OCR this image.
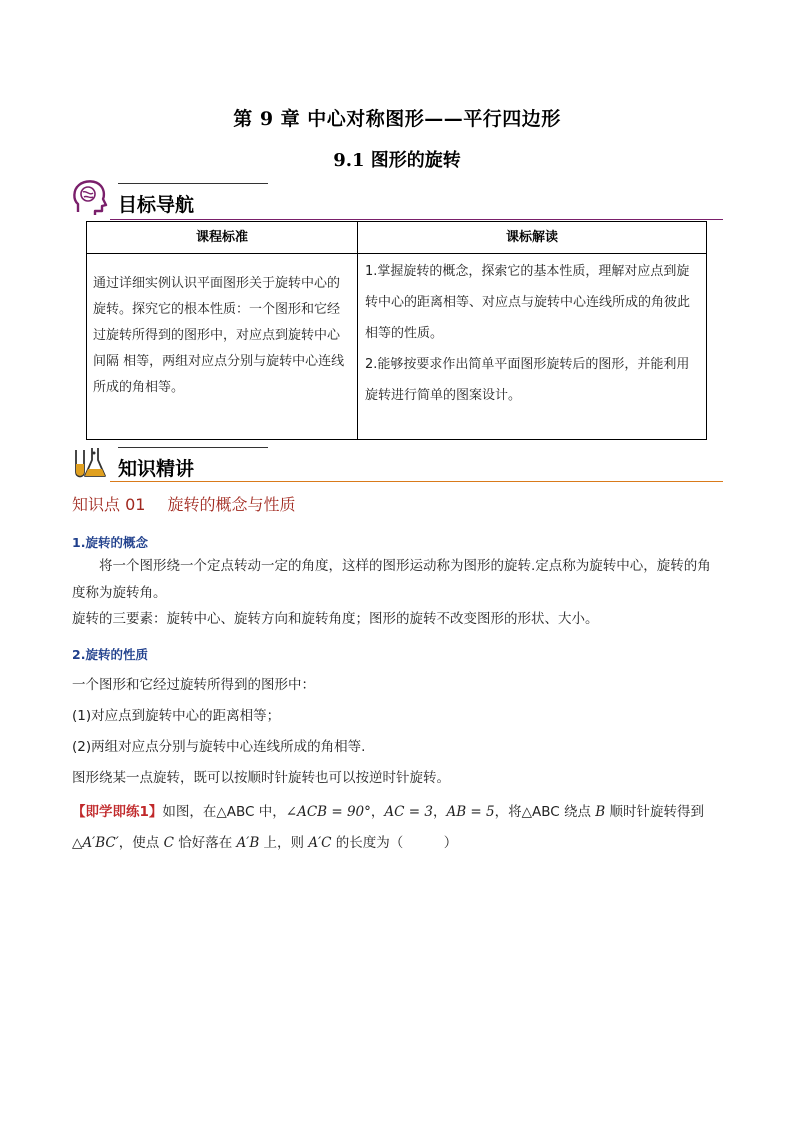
第 9 章 中心对称图形——平行四边形
9.1 图形的旋转
目标导航
课程标准	课标解读
通过详细实例认识平面图形关于旋转中心的旋转。探究它的根本性质：一个图形和它经过旋转所得到的图形中，对应点到旋转中心间隔 相等，两组对应点分别与旋转中心连线所成的角相等。
1.掌握旋转的概念，探索它的基本性质，理解对应点到旋转中心的距离相等、对应点与旋转中心连线所成的角彼此相等的性质。
2.能够按要求作出简单平面图形旋转后的图形，并能利用旋转进行简单的图案设计。
知识精讲
知识点 01 旋转的概念与性质
1.旋转的概念
将一个图形绕一个定点转动一定的角度，这样的图形运动称为图形的旋转.定点称为旋转中心，旋转的角度称为旋转角。
旋转的三要素：旋转中心、旋转方向和旋转角度；图形的旋转不改变图形的形状、大小。
2.旋转的性质
一个图形和它经过旋转所得到的图形中：
(1)对应点到旋转中心的距离相等；
(2)两组对应点分别与旋转中心连线所成的角相等.
图形绕某一点旋转，既可以按顺时针旋转也可以按逆时针旋转。
【即学即练1】如图，在△ABC 中，∠ACB = 90°，AC = 3，AB = 5，将△ABC 绕点 B 顺时针旋转得到△A′BC′，使点 C 恰好落在 A′B 上，则 A′C 的长度为（　　　）
